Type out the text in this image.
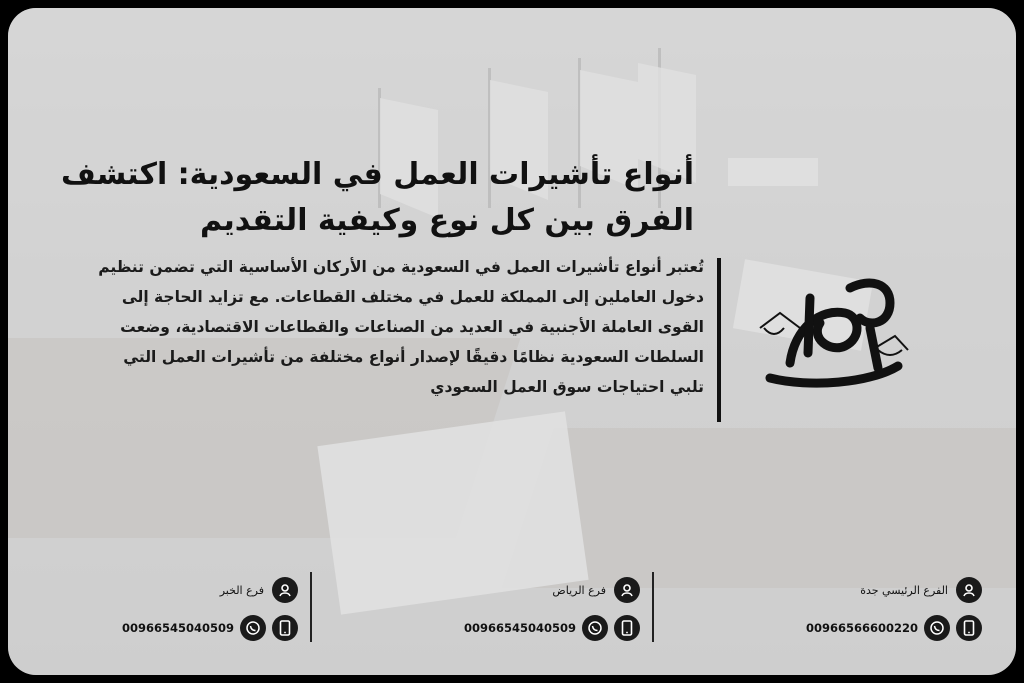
أنواع تأشيرات العمل في السعودية: اكتشف الفرق بين كل نوع وكيفية التقديم
تُعتبر أنواع تأشيرات العمل في السعودية من الأركان الأساسية التي تضمن تنظيم دخول العاملين إلى المملكة للعمل في مختلف القطاعات. مع تزايد الحاجة إلى القوى العاملة الأجنبية في العديد من الصناعات والقطاعات الاقتصادية، وضعت السلطات السعودية نظامًا دقيقًا لإصدار أنواع مختلفة من تأشيرات العمل التي تلبي احتياجات سوق العمل السعودي
الفرع الرئيسي جدة
00966566600220
فرع الرياض
00966545040509
فرع الخبر
00966545040509
